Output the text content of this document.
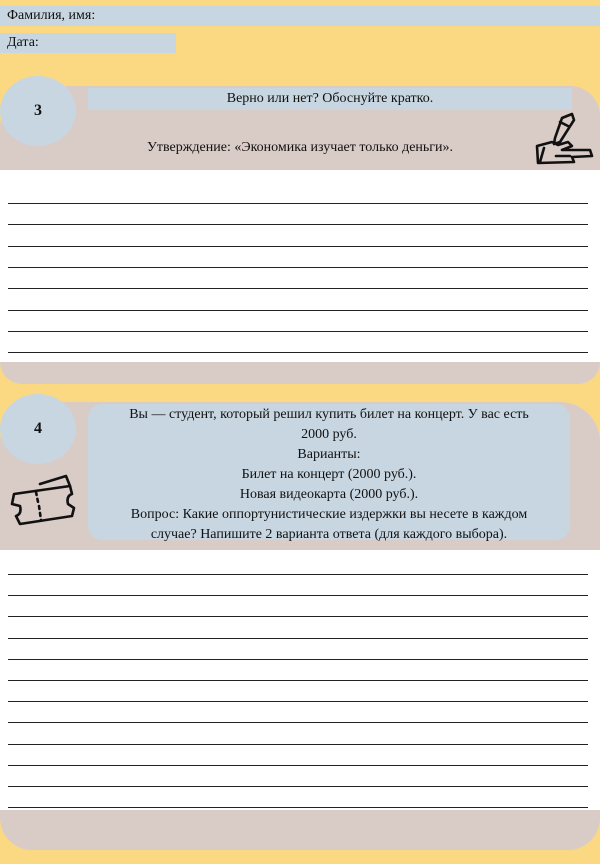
Фамилия, имя:
Дата:
3
Верно или нет? Обоснуйте кратко.
Утверждение: «Экономика изучает только деньги».
4
Вы — студент, который решил купить билет на концерт. У вас есть
2000 руб.
Варианты:
Билет на концерт (2000 руб.).
Новая видеокарта (2000 руб.).
Вопрос: Какие оппортунистические издержки вы несете в каждом
случае? Напишите 2 варианта ответа (для каждого выбора).
